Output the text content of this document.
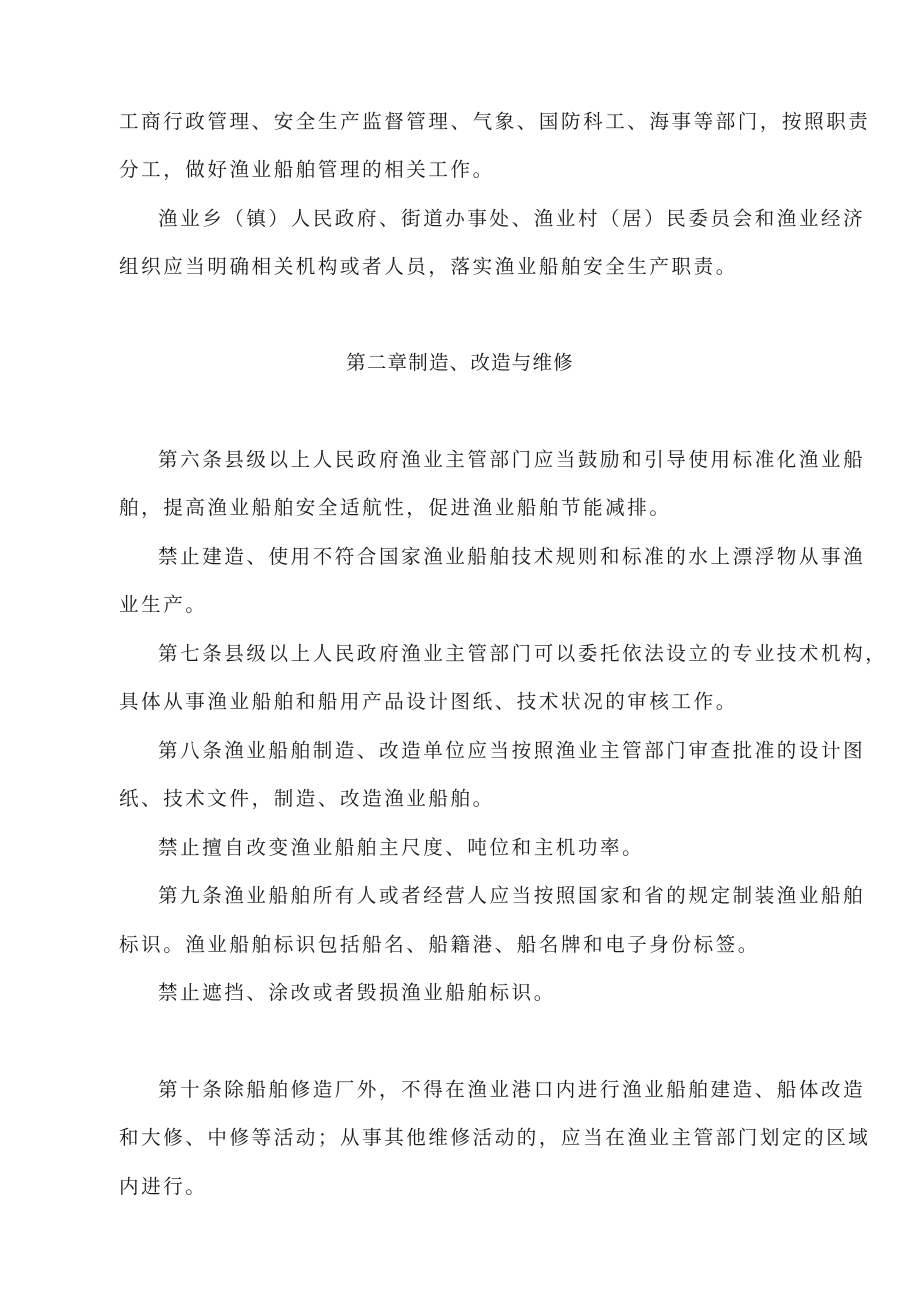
工商行政管理、安全生产监督管理、气象、国防科工、海事等部门，按照职责
分工，做好渔业船舶管理的相关工作。
渔业乡（镇）人民政府、街道办事处、渔业村（居）民委员会和渔业经济
组织应当明确相关机构或者人员，落实渔业船舶安全生产职责。
第二章制造、改造与维修
第六条县级以上人民政府渔业主管部门应当鼓励和引导使用标准化渔业船
舶，提高渔业船舶安全适航性，促进渔业船舶节能减排。
禁止建造、使用不符合国家渔业船舶技术规则和标准的水上漂浮物从事渔
业生产。
第七条县级以上人民政府渔业主管部门可以委托依法设立的专业技术机构，
具体从事渔业船舶和船用产品设计图纸、技术状况的审核工作。
第八条渔业船舶制造、改造单位应当按照渔业主管部门审查批准的设计图
纸、技术文件，制造、改造渔业船舶。
禁止擅自改变渔业船舶主尺度、吨位和主机功率。
第九条渔业船舶所有人或者经营人应当按照国家和省的规定制装渔业船舶
标识。渔业船舶标识包括船名、船籍港、船名牌和电子身份标签。
禁止遮挡、涂改或者毁损渔业船舶标识。
第十条除船舶修造厂外，不得在渔业港口内进行渔业船舶建造、船体改造
和大修、中修等活动；从事其他维修活动的，应当在渔业主管部门划定的区域
内进行。
